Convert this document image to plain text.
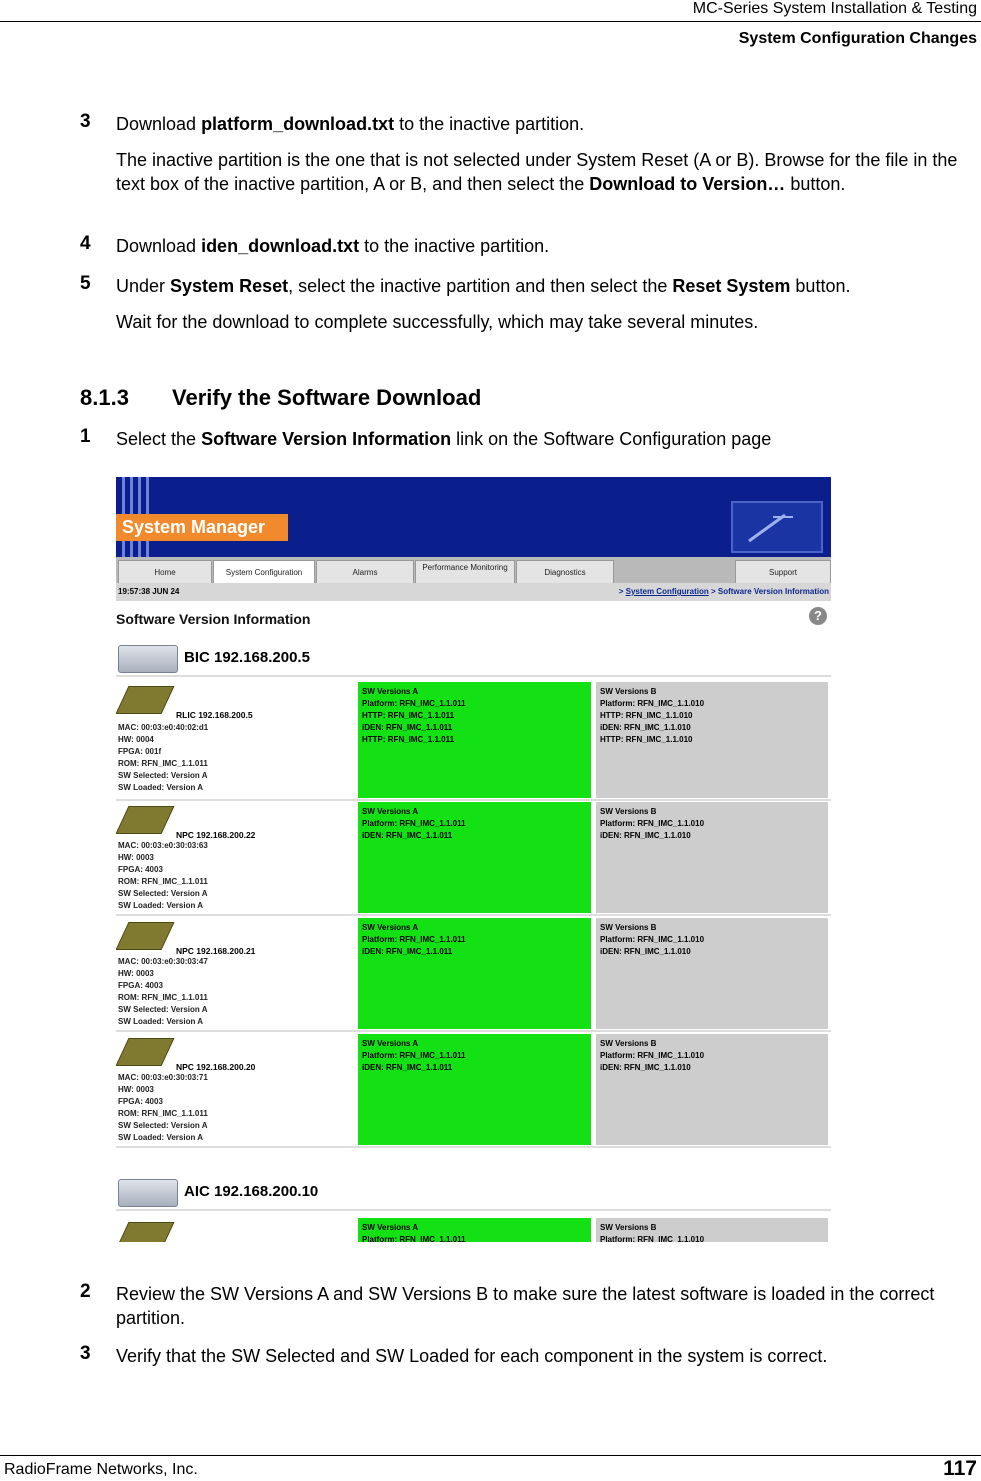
MC-Series System Installation & Testing
System Configuration Changes
3 Download platform_download.txt to the inactive partition.
The inactive partition is the one that is not selected under System Reset (A or B). Browse for the file in the text box of the inactive partition, A or B, and then select the Download to Version… button.
4 Download iden_download.txt to the inactive partition.
5 Under System Reset, select the inactive partition and then select the Reset System button.
Wait for the download to complete successfully, which may take several minutes.
8.1.3 Verify the Software Download
1 Select the Software Version Information link on the Software Configuration page
System Manager
Home	System Configuration	Alarms
Performance Monitoring
Diagnostics	Support
19:57:38 JUN 24	> System Configuration > Software Version Information
Software Version Information	?
BIC 192.168.200.5
RLIC 192.168.200.5
MAC: 00:03:e0:40:02:d1
HW: 0004
FPGA: 001f
ROM: RFN_IMC_1.1.011
SW Selected: Version A
SW Loaded: Version A
SW Versions A
Platform: RFN_IMC_1.1.011
HTTP: RFN_IMC_1.1.011
iDEN: RFN_IMC_1.1.011
HTTP: RFN_IMC_1.1.011
SW Versions B
Platform: RFN_IMC_1.1.010
HTTP: RFN_IMC_1.1.010
iDEN: RFN_IMC_1.1.010
HTTP: RFN_IMC_1.1.010
NPC 192.168.200.22
MAC: 00:03:e0:30:03:63
HW: 0003
FPGA: 4003
ROM: RFN_IMC_1.1.011
SW Selected: Version A
SW Loaded: Version A
SW Versions A
Platform: RFN_IMC_1.1.011
iDEN: RFN_IMC_1.1.011
SW Versions B
Platform: RFN_IMC_1.1.010
iDEN: RFN_IMC_1.1.010
NPC 192.168.200.21
MAC: 00:03:e0:30:03:47
HW: 0003
FPGA: 4003
ROM: RFN_IMC_1.1.011
SW Selected: Version A
SW Loaded: Version A
SW Versions A
Platform: RFN_IMC_1.1.011
iDEN: RFN_IMC_1.1.011
SW Versions B
Platform: RFN_IMC_1.1.010
iDEN: RFN_IMC_1.1.010
NPC 192.168.200.20
MAC: 00:03:e0:30:03:71
HW: 0003
FPGA: 4003
ROM: RFN_IMC_1.1.011
SW Selected: Version A
SW Loaded: Version A
SW Versions A
Platform: RFN_IMC_1.1.011
iDEN: RFN_IMC_1.1.011
SW Versions B
Platform: RFN_IMC_1.1.010
iDEN: RFN_IMC_1.1.010
AIC 192.168.200.10
SW Versions A
Platform: RFN_IMC_1.1.011
SW Versions B
Platform: RFN_IMC_1.1.010
2 Review the SW Versions A and SW Versions B to make sure the latest software is loaded in the correct partition.
3 Verify that the SW Selected and SW Loaded for each component in the system is correct.
RadioFrame Networks, Inc.	117
